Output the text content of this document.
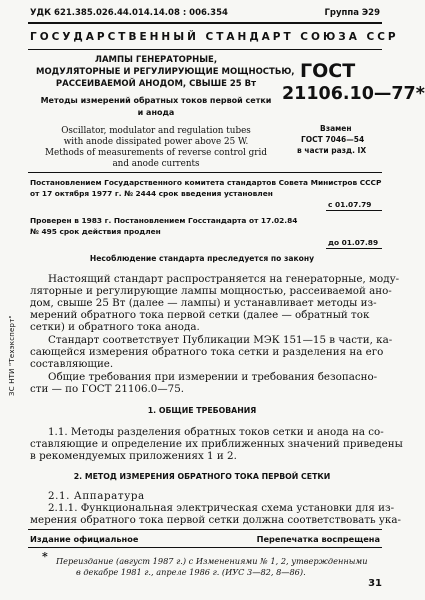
УДК 621.385.026.44.014.14.08 : 006.354	Группа Э29
ГОСУДАРСТВЕННЫЙ СТАНДАРТ СОЮЗА ССР
ЛАМПЫ ГЕНЕРАТОРНЫЕ,
МОДУЛЯТОРНЫЕ И РЕГУЛИРУЮЩИЕ МОЩНОСТЬЮ,
РАССЕИВАЕМОЙ АНОДОМ, СВЫШЕ 25 Вт
Методы измерений обратных токов первой сетки
и анода
Oscillator, modulator and regulation tubes
with anode dissipated power above 25 W.
Methods of measurements of reverse control grid
and anode currents
ГОСТ
21106.10—77*
Взамен
ГОСТ 7046—54
в части разд. IX
Постановлением Государственного комитета стандартов Совета Министров СССР
от 17 октября 1977 г. № 2444 срок введения установлен
с 01.07.79
Проверен в 1983 г. Постановлением Госстандарта от 17.02.84
№ 495 срок действия продлен
до 01.07.89
Несоблюдение стандарта преследуется по закону
Настоящий стандарт распространяется на генераторные, моду-
ляторные и регулирующие лампы мощностью, рассеиваемой ано-
дом, свыше 25 Вт (далее — лампы) и устанавливает методы из-
мерений обратного тока первой сетки (далее — обратный ток
сетки) и обратного тока анода.
Стандарт соответствует Публикации МЭК 151—15 в части, ка-
сающейся измерения обратного тока сетки и разделения на его
составляющие.
Общие требования при измерении и требования безопасно-
сти — по ГОСТ 21106.0—75.
1. ОБЩИЕ ТРЕБОВАНИЯ
1.1. Методы разделения обратных токов сетки и анода на со-
ставляющие и определение их приближенных значений приведены
в рекомендуемых приложениях 1 и 2.
2. МЕТОД ИЗМЕРЕНИЯ ОБРАТНОГО ТОКА ПЕРВОЙ СЕТКИ
2.1. Аппаратура
2.1.1. Функциональная электрическая схема установки для из-
мерения обратного тока первой сетки должна соответствовать ука-
Издание официальное	Перепечатка воспрещена
* Переиздание (август 1987 г.) с Изменениями № 1, 2, утвержденными
в декабре 1981 г., апреле 1986 г. (ИУС 3—82, 8—86).
31
ЗС НТИ "Техэксперт"
